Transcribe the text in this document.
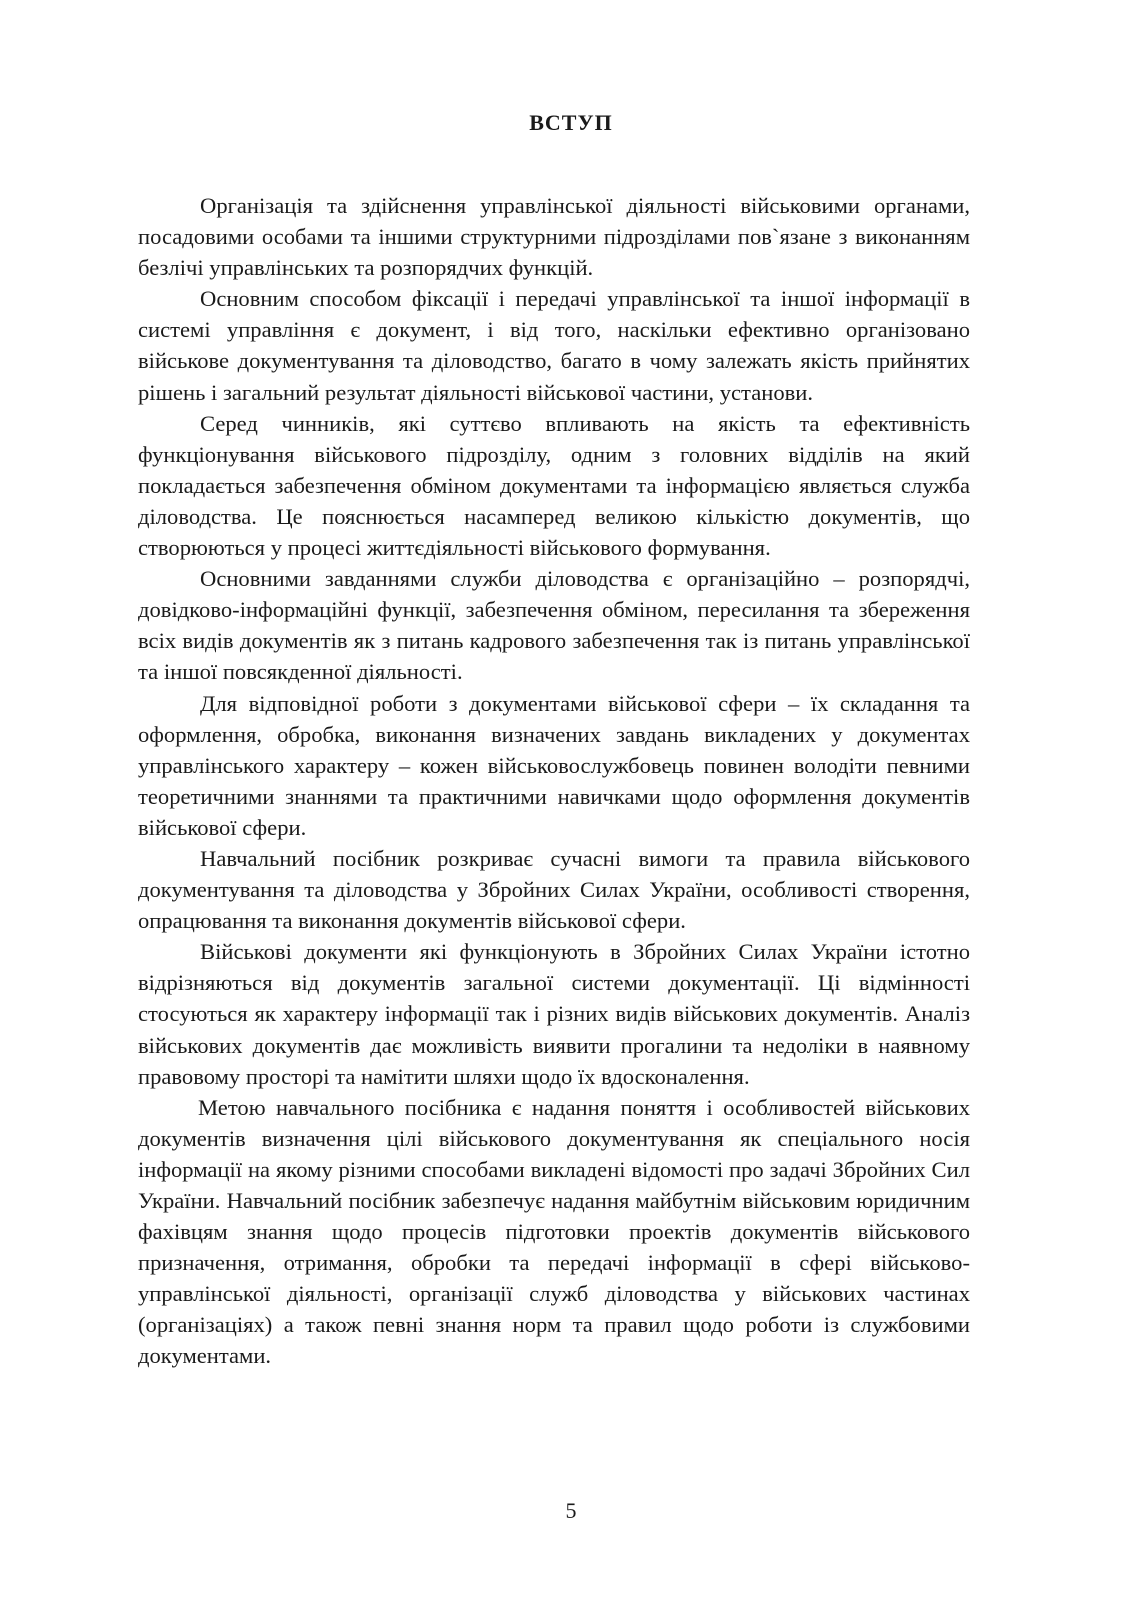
ВСТУП

Організація та здійснення управлінської діяльності військовими органами, посадовими особами та іншими структурними підрозділами пов`язане з виконанням безлічі управлінських та розпорядчих функцій.

Основним способом фіксації і передачі управлінської та іншої інформації в системі управління є документ, і від того, наскільки ефективно організовано військове документування та діловодство, багато в чому залежать якість прийнятих рішень і загальний результат діяльності військової частини, установи.

Серед чинників, які суттєво впливають на якість та ефективність функціонування військового підрозділу, одним з головних відділів на який покладається забезпечення обміном документами та інформацією являється служба діловодства. Це пояснюється насамперед великою кількістю документів, що створюються у процесі життєдіяльності військового формування.

Основними завданнями служби діловодства є організаційно – розпорядчі, довідково-інформаційні функції, забезпечення обміном, пересилання та збереження всіх видів документів як з питань кадрового забезпечення так із питань управлінської та іншої повсякденної діяльності.

Для відповідної роботи з документами військової сфери – їх складання та оформлення, обробка, виконання визначених завдань викладених у документах управлінського характеру – кожен військовослужбовець повинен володіти певними теоретичними знаннями та практичними навичками щодо оформлення документів військової сфери.

Навчальний посібник розкриває сучасні вимоги та правила військового документування та діловодства у Збройних Силах України, особливості створення, опрацювання та виконання документів військової сфери.

Військові документи які функціонують в Збройних Силах України істотно відрізняються від документів загальної системи документації. Ці відмінності стосуються як характеру інформації так і різних видів військових документів. Аналіз військових документів дає можливість виявити прогалини та недоліки в наявному правовому просторі та намітити шляхи щодо їх вдосконалення.

Метою навчального посібника є надання поняття і особливостей військових документів визначення цілі військового документування як спеціального носія інформації на якому різними способами викладені відомості про задачі Збройних Сил України. Навчальний посібник забезпечує надання майбутнім військовим юридичним фахівцям знання щодо процесів підготовки проектів документів військового призначення, отримання, обробки та передачі інформації в сфері військово-управлінської діяльності, організації служб діловодства у військових частинах (організаціях) а також певні знання норм та правил щодо роботи із службовими документами.

5
